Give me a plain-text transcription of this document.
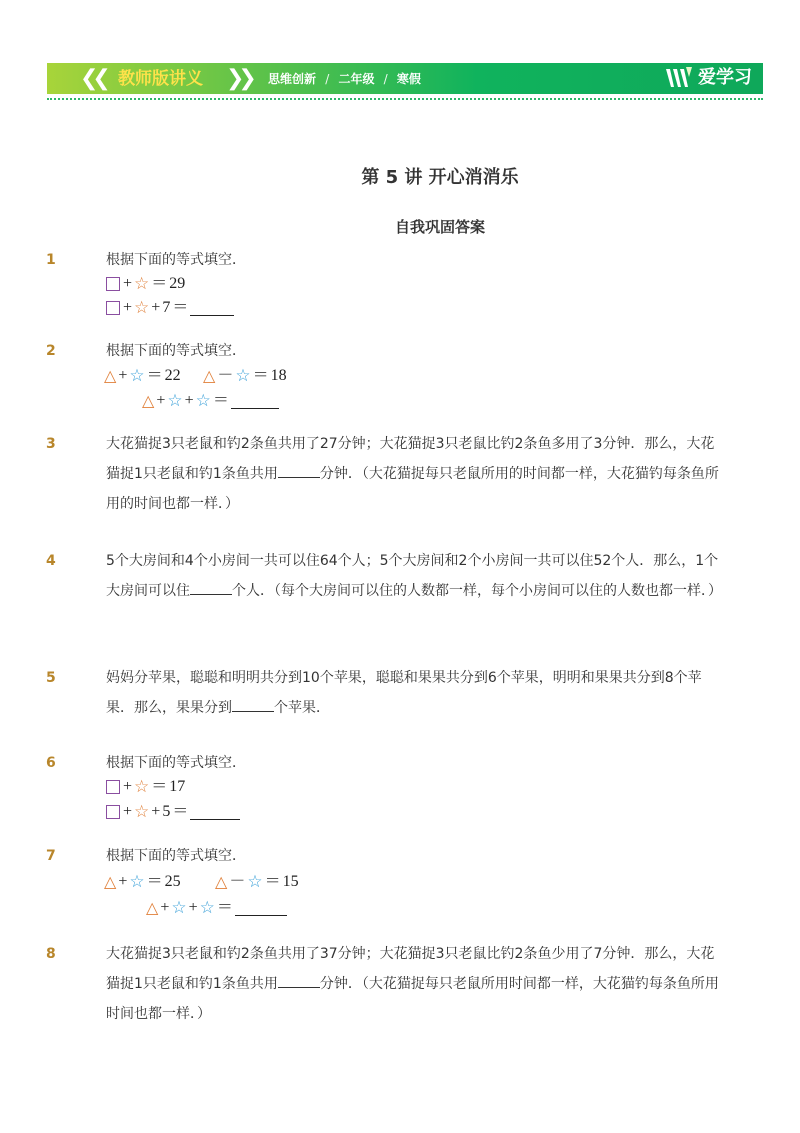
❮❮ 教师版讲义 ❯❯ 思维创新 / 二年级 / 寒假	爱学习
第 5 讲 开心消消乐
自我巩固答案
1	根据下面的等式填空．
+ ☆ ＝ 29
+ ☆ + 7 ＝
2	根据下面的等式填空．
△ + ☆ ＝ 22 △ － ☆ ＝ 18
△ + ☆ + ☆ ＝
3	大花猫捉3只老鼠和钓2条鱼共用了27分钟；大花猫捉3只老鼠比钓2条鱼多用了3分钟．那么，大花猫捉1只老鼠和钓1条鱼共用	分钟．（大花猫捉每只老鼠所用的时间都一样，大花猫钓每条鱼所用的时间也都一样．）
4	5个大房间和4个小房间一共可以住64个人；5个大房间和2个小房间一共可以住52个人．那么，1个大房间可以住	个人．（每个大房间可以住的人数都一样，每个小房间可以住的人数也都一样．）
5	妈妈分苹果，聪聪和明明共分到10个苹果，聪聪和果果共分到6个苹果，明明和果果共分到8个苹果．那么，果果分到	个苹果．
6	根据下面的等式填空．
+ ☆ ＝ 17
+ ☆ + 5 ＝
7	根据下面的等式填空．
△ + ☆ ＝ 25 △ － ☆ ＝ 15
△ + ☆ + ☆ ＝
8	大花猫捉3只老鼠和钓2条鱼共用了37分钟；大花猫捉3只老鼠比钓2条鱼少用了7分钟．那么，大花猫捉1只老鼠和钓1条鱼共用	分钟．（大花猫捉每只老鼠所用时间都一样，大花猫钓每条鱼所用时间也都一样．）
